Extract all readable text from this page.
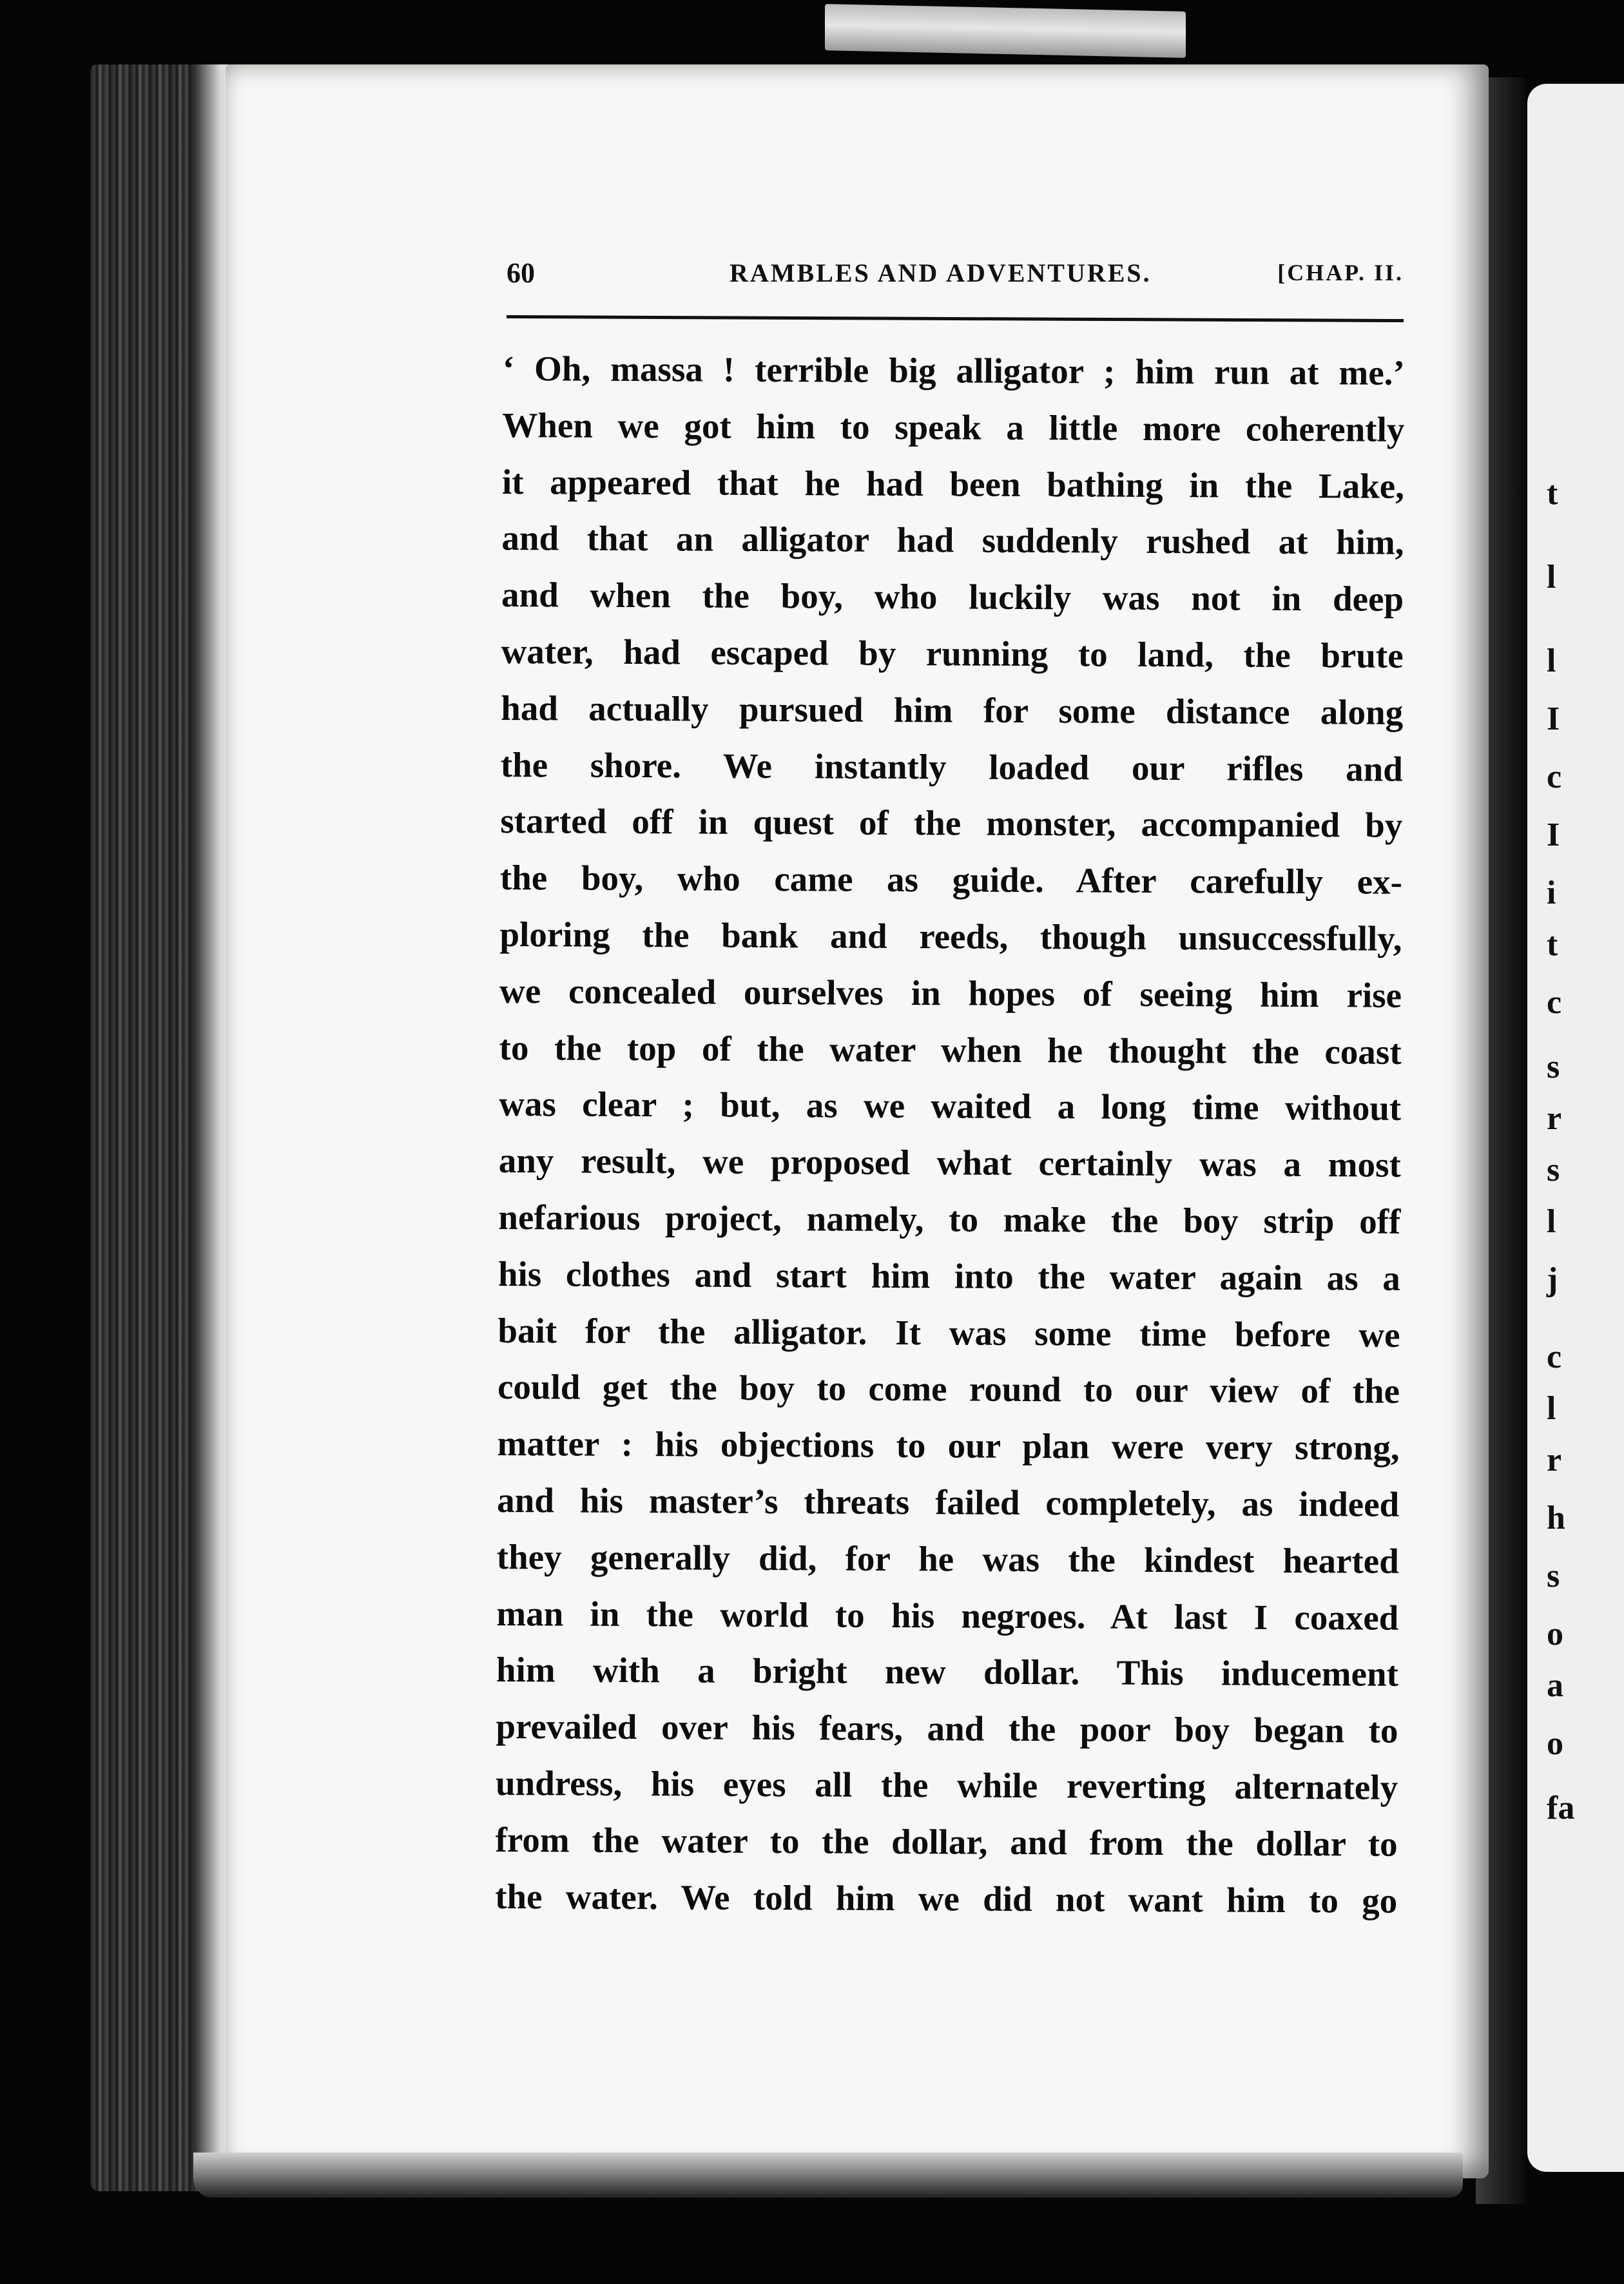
t
l
l
I
c
I
i
t
c
s
r
s
l
j
c
l
r
h
s
o
a
o
fa
60	RAMBLES AND ADVENTURES.	[CHAP. II.
‘ Oh, massa ! terrible big alligator ; him run at me.’
When we got him to speak a little more coherently
it appeared that he had been bathing in the Lake,
and that an alligator had suddenly rushed at him,
and when the boy, who luckily was not in deep
water, had escaped by running to land, the brute
had actually pursued him for some distance along
the shore. We instantly loaded our rifles and
started off in quest of the monster, accompanied by
the boy, who came as guide. After carefully ex-
ploring the bank and reeds, though unsuccessfully,
we concealed ourselves in hopes of seeing him rise
to the top of the water when he thought the coast
was clear ; but, as we waited a long time without
any result, we proposed what certainly was a most
nefarious project, namely, to make the boy strip off
his clothes and start him into the water again as a
bait for the alligator. It was some time before we
could get the boy to come round to our view of the
matter : his objections to our plan were very strong,
and his master’s threats failed completely, as indeed
they generally did, for he was the kindest hearted
man in the world to his negroes. At last I coaxed
him with a bright new dollar. This inducement
prevailed over his fears, and the poor boy began to
undress, his eyes all the while reverting alternately
from the water to the dollar, and from the dollar to
the water. We told him we did not want him to go
